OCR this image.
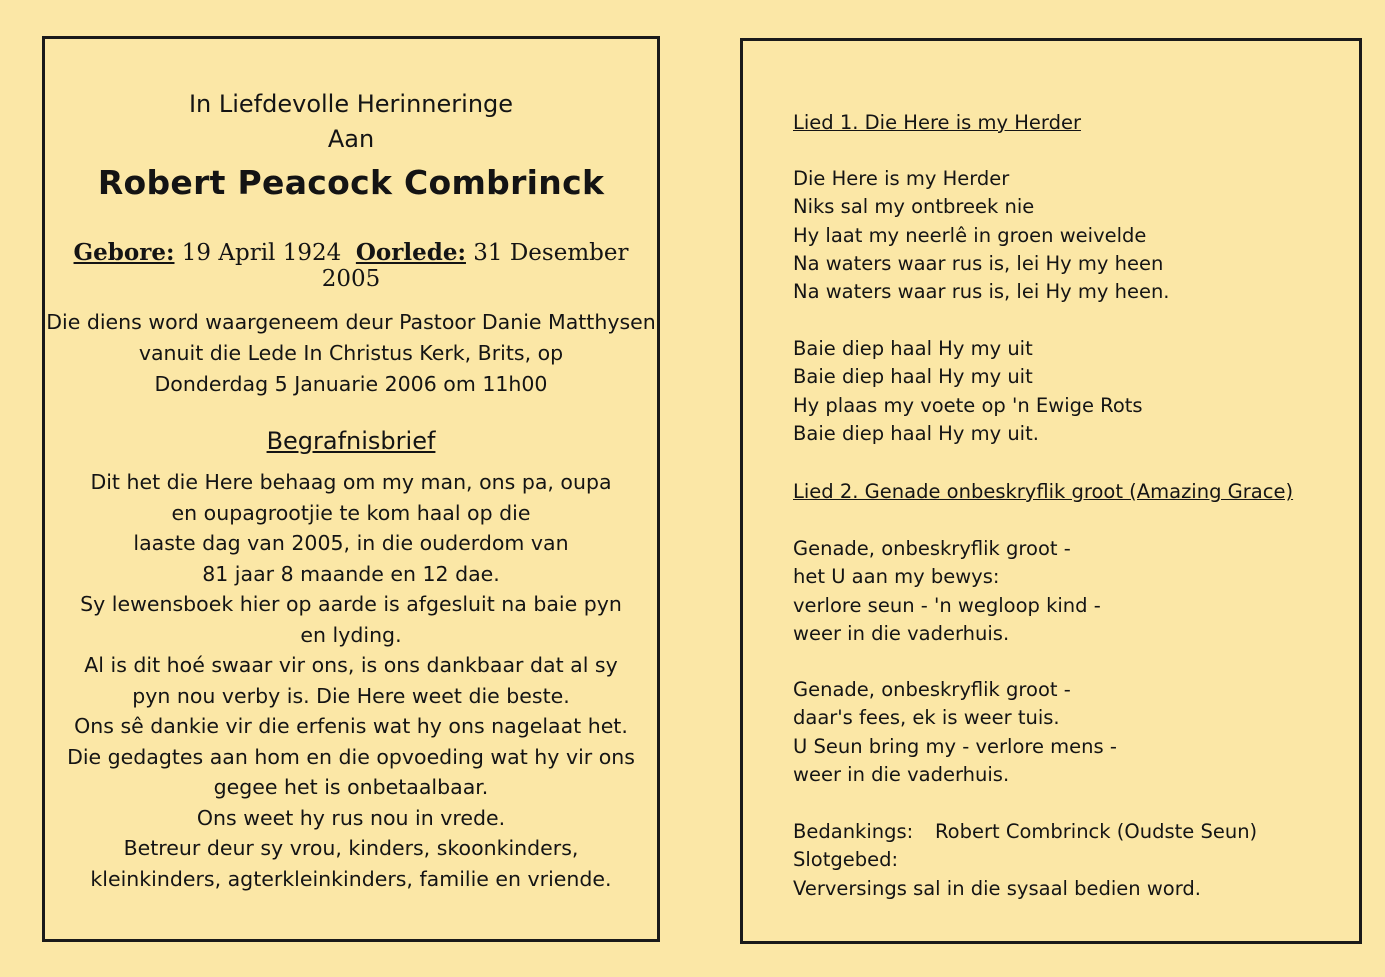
In Liefdevolle Herinneringe
Aan
Robert Peacock Combrinck
Gebore: 19 April 1924 Oorlede: 31 Desember 2005
Die diens word waargeneem deur Pastoor Danie Matthysen
vanuit die Lede In Christus Kerk, Brits, op
Donderdag 5 Januarie 2006 om 11h00
Begrafnisbrief
Dit het die Here behaag om my man, ons pa, oupa
en oupagrootjie te kom haal op die
laaste dag van 2005, in die ouderdom van
81 jaar 8 maande en 12 dae.
Sy lewensboek hier op aarde is afgesluit na baie pyn
en lyding.
Al is dit hoé swaar vir ons, is ons dankbaar dat al sy
pyn nou verby is. Die Here weet die beste.
Ons sê dankie vir die erfenis wat hy ons nagelaat het.
Die gedagtes aan hom en die opvoeding wat hy vir ons
gegee het is onbetaalbaar.
Ons weet hy rus nou in vrede.
Betreur deur sy vrou, kinders, skoonkinders,
kleinkinders, agterkleinkinders, familie en vriende.
Lied 1. Die Here is my Herder
Die Here is my Herder
Niks sal my ontbreek nie
Hy laat my neerlê in groen weivelde
Na waters waar rus is, lei Hy my heen
Na waters waar rus is, lei Hy my heen.
Baie diep haal Hy my uit
Baie diep haal Hy my uit
Hy plaas my voete op 'n Ewige Rots
Baie diep haal Hy my uit.
Lied 2. Genade onbeskryflik groot (Amazing Grace)
Genade, onbeskryflik groot -
het U aan my bewys:
verlore seun - 'n wegloop kind -
weer in die vaderhuis.
Genade, onbeskryflik groot -
daar's fees, ek is weer tuis.
U Seun bring my - verlore mens -
weer in die vaderhuis.
Bedankings: Robert Combrinck (Oudste Seun)
Slotgebed:
Verversings sal in die sysaal bedien word.
